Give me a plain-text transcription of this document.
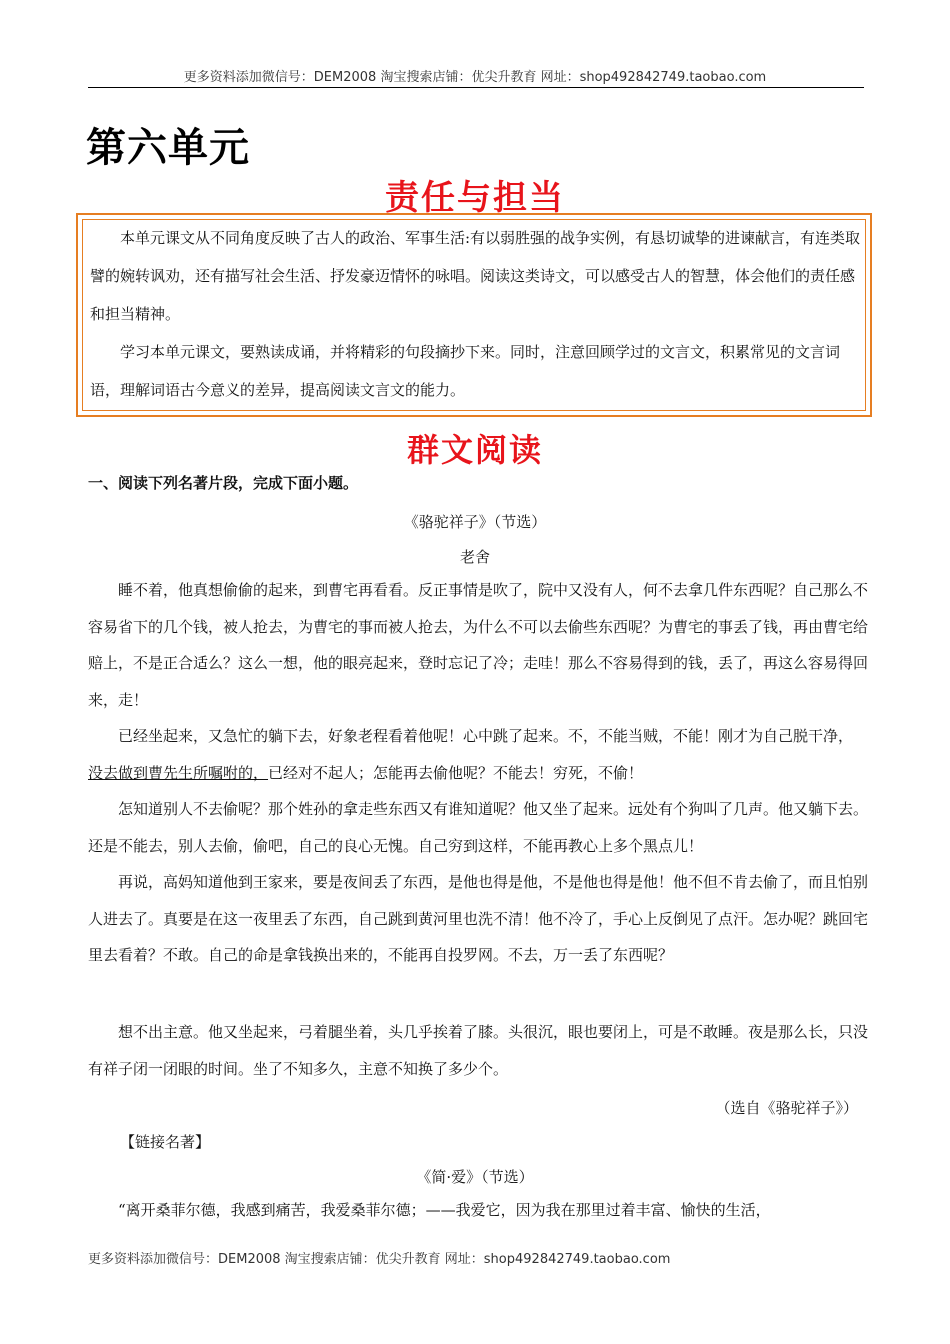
更多资料添加微信号：DEM2008 淘宝搜索店铺：优尖升教育 网址：shop492842749.taobao.com
第六单元
责任与担当

本单元课文从不同角度反映了古人的政治、军事生活:有以弱胜强的战争实例，有恳切诚挚的进谏献言，有连类取譬的婉转讽劝，还有描写社会生活、抒发豪迈情怀的咏唱。阅读这类诗文，可以感受古人的智慧，体会他们的责任感和担当精神。

学习本单元课文，要熟读成诵，并将精彩的句段摘抄下来。同时，注意回顾学过的文言文，积累常见的文言词语，理解词语古今意义的差异，提高阅读文言文的能力。

群文阅读
一、阅读下列名著片段，完成下面小题。
《骆驼祥子》（节选）
老舍

睡不着，他真想偷偷的起来，到曹宅再看看。反正事情是吹了，院中又没有人，何不去拿几件东西呢？自己那么不容易省下的几个钱，被人抢去，为曹宅的事而被人抢去，为什么不可以去偷些东西呢？为曹宅的事丢了钱，再由曹宅给赔上，不是正合适么？这么一想，他的眼亮起来，登时忘记了冷；走哇！那么不容易得到的钱，丢了，再这么容易得回来，走！

已经坐起来，又急忙的躺下去，好象老程看着他呢！心中跳了起来。不，不能当贼，不能！刚才为自己脱干净，没去做到曹先生所嘱咐的，已经对不起人；怎能再去偷他呢？不能去！穷死，不偷！

怎知道别人不去偷呢？那个姓孙的拿走些东西又有谁知道呢？他又坐了起来。远处有个狗叫了几声。他又躺下去。还是不能去，别人去偷，偷吧，自己的良心无愧。自己穷到这样，不能再教心上多个黑点儿！

再说，高妈知道他到王家来，要是夜间丢了东西，是他也得是他，不是他也得是他！他不但不肯去偷了，而且怕别人进去了。真要是在这一夜里丢了东西，自己跳到黄河里也洗不清！他不冷了，手心上反倒见了点汗。怎办呢？跳回宅里去看着？不敢。自己的命是拿钱换出来的，不能再自投罗网。不去，万一丢了东西呢？

想不出主意。他又坐起来，弓着腿坐着，头几乎挨着了膝。头很沉，眼也要闭上，可是不敢睡。夜是那么长，只没有祥子闭一闭眼的时间。坐了不知多久，主意不知换了多少个。

（选自《骆驼祥子》）
【链接名著】
《简·爱》（节选）

“离开桑菲尔德，我感到痛苦，我爱桑菲尔德；——我爱它，因为我在那里过着丰富、愉快的生活，

更多资料添加微信号：DEM2008 淘宝搜索店铺：优尖升教育 网址：shop492842749.taobao.com
